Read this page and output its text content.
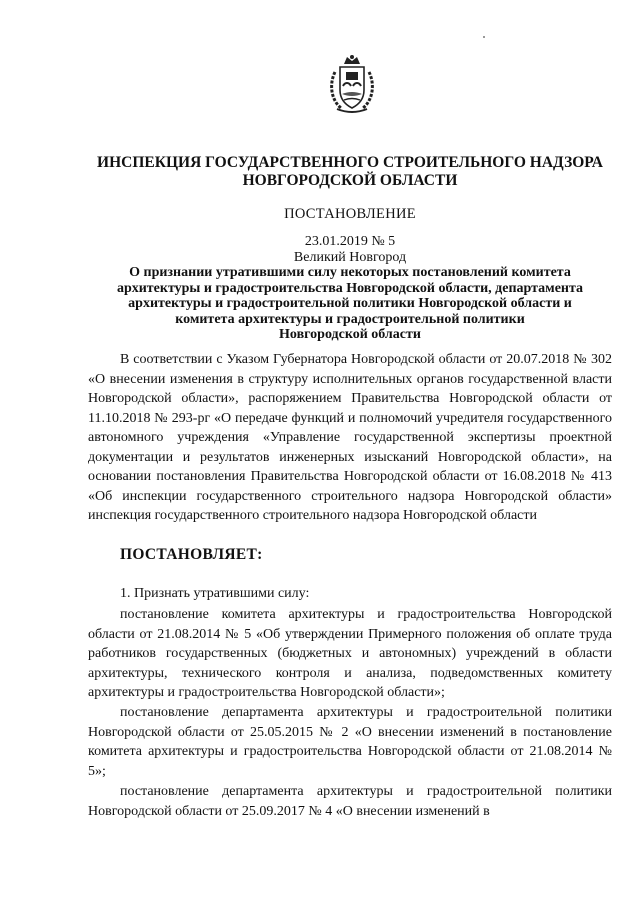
ИНСПЕКЦИЯ ГОСУДАРСТВЕННОГО СТРОИТЕЛЬНОГО НАДЗОРА
НОВГОРОДСКОЙ ОБЛАСТИ
ПОСТАНОВЛЕНИЕ
23.01.2019 № 5
Великий Новгород
О признании утратившими силу некоторых постановлений комитета
архитектуры и градостроительства Новгородской области, департамента
архитектуры и градостроительной политики Новгородской области и
комитета архитектуры и градостроительной политики
Новгородской области

В соответствии с Указом Губернатора Новгородской области от 20.07.2018 № 302 «О внесении изменения в структуру исполнительных органов государственной власти Новгородской области», распоряжением Правительства Новгородской области от 11.10.2018 № 293-рг «О передаче функций и полномочий учредителя государственного автономного учреждения «Управление государственной экспертизы проектной документации и результатов инженерных изысканий Новгородской области», на основании постановления Правительства Новгородской области от 16.08.2018 № 413 «Об инспекции государственного строительного надзора Новгородской области» инспекция государственного строительного надзора Новгородской области

ПОСТАНОВЛЯЕТ:

1. Признать утратившими силу:

постановление комитета архитектуры и градостроительства Новгородской области от 21.08.2014 № 5 «Об утверждении Примерного положения об оплате труда работников государственных (бюджетных и автономных) учреждений в области архитектуры, технического контроля и анализа, подведомственных комитету архитектуры и градостроительства Новгородской области»;

постановление департамента архитектуры и градостроительной политики Новгородской области от 25.05.2015 № 2 «О внесении изменений в постановление комитета архитектуры и градостроительства Новгородской области от 21.08.2014 № 5»;

постановление департамента архитектуры и градостроительной политики Новгородской области от 25.09.2017 № 4 «О внесении изменений в
